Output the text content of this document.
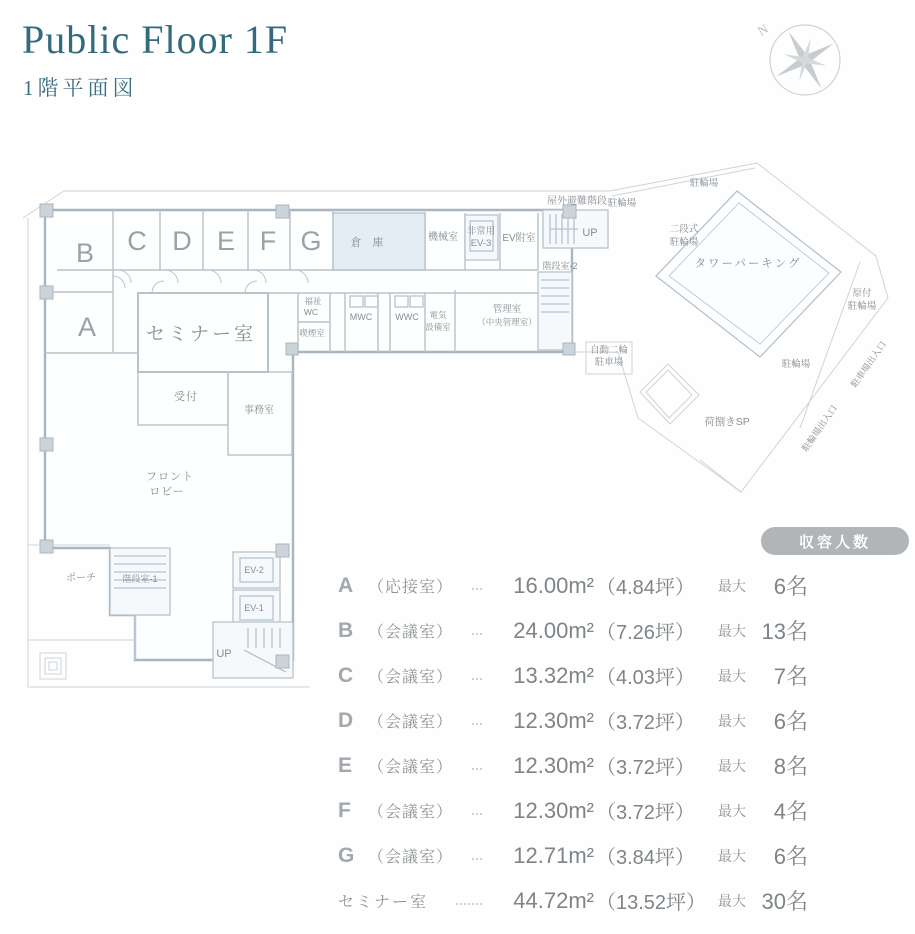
Public Floor 1F
1階平面図
N
B C D E F G
A	セミナー室
倉 庫	機械室
非常用
EV-3 EV附室
屋外避難階段
UP
階段室-2
駐輪場
駐輪場
二段式
駐輪場
タワーパーキング
原付
駐輪場
駐輪場
自動二輪
駐車場
荷捌きSP	駐輪場出入口
駐車場出入口
福祉
WC
喫煙室
MWC	WWC 電気
設備室
管理室
（中央管理室）
受付
事務室
フロント
ロビー
ポーチ	階段室-1
EV-2
EV-1
UP
収容人数
A （応接室）	16.00m² （4.84坪）	最大	6名
B （会議室）	24.00m² （7.26坪）	最大 13名
C （会議室）	13.32m² （4.03坪）	最大	7名
D （会議室）	12.30m² （3.72坪）	最大	6名
E （会議室）	12.30m² （3.72坪）	最大	8名
F	（会議室）	12.30m² （3.72坪）	最大	4名
G （会議室）	12.71m² （3.84坪）	最大	6名
セミナー室	44.72m² （13.52坪） 最大 30名
